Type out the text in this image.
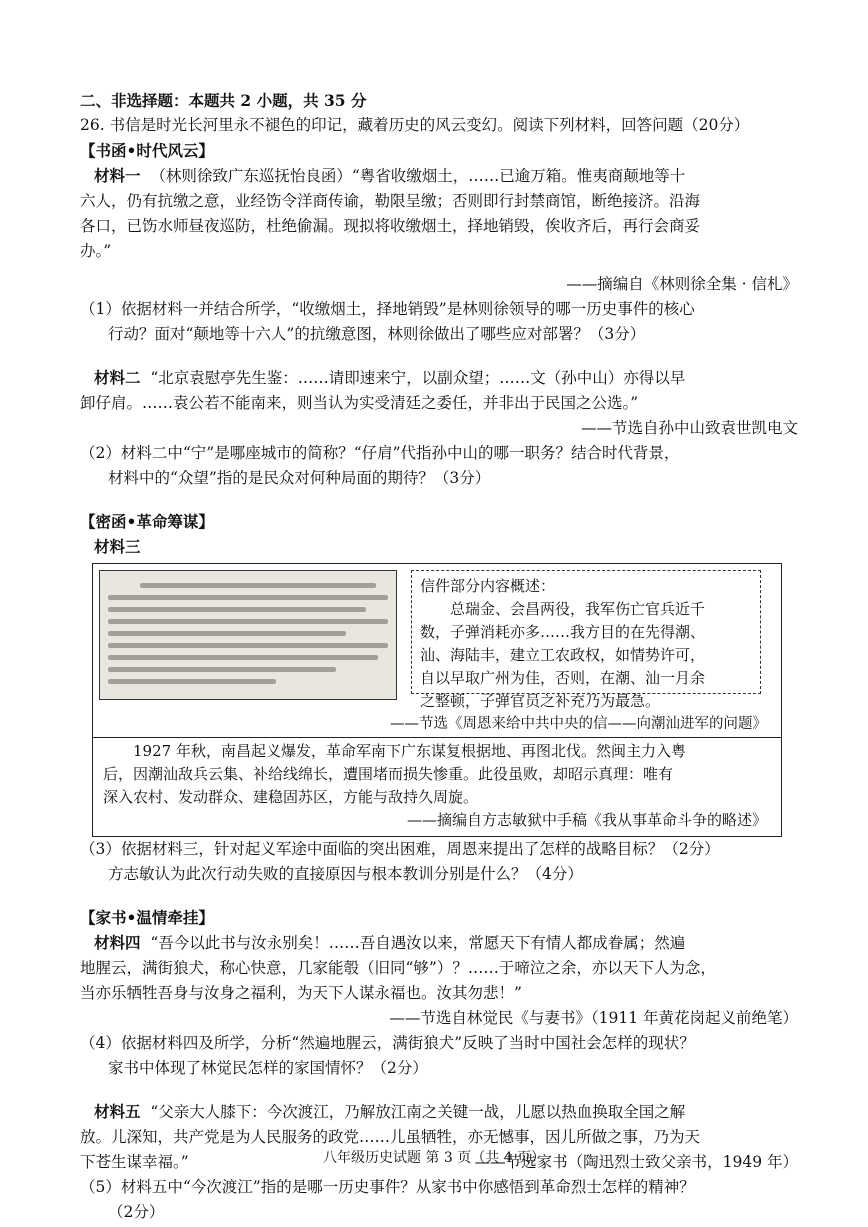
二、非选择题：本题共 2 小题，共 35 分
26. 书信是时光长河里永不褪色的印记，藏着历史的风云变幻。阅读下列材料，回答问题（20分）
【书函•时代风云】
材料一 （林则徐致广东巡抚怡良函）“粤省收缴烟土，……已逾万箱。惟夷商颠地等十
六人，仍有抗缴之意，业经饬令洋商传谕，勒限呈缴；否则即行封禁商馆，断绝接济。沿海
各口，已饬水师昼夜巡防，杜绝偷漏。现拟将收缴烟土，择地销毁，俟收齐后，再行会商妥
办。”
——摘编自《林则徐全集 · 信札》
（1）依据材料一并结合所学，“收缴烟土，择地销毁”是林则徐领导的哪一历史事件的核心
行动？面对“颠地等十六人”的抗缴意图，林则徐做出了哪些应对部署？（3分）
材料二 “北京袁慰亭先生鉴：……请即速来宁，以副众望；……文（孙中山）亦得以早
卸仔肩。……袁公若不能南来，则当认为实受清廷之委任，并非出于民国之公选。”
——节选自孙中山致袁世凯电文
（2）材料二中“宁”是哪座城市的简称？“仔肩”代指孙中山的哪一职务？结合时代背景，
材料中的“众望”指的是民众对何种局面的期待？（3分）
【密函•革命筹谋】
材料三
信件部分内容概述：
总瑞金、会昌两役，我军伤亡官兵近千
数，子弹消耗亦多……我方目的在先得潮、
汕、海陆丰，建立工农政权，如情势许可，
自以早取广州为佳，否则，在潮、汕一月余
之整顿，子弹官员之补充乃为最急。
——节选《周恩来给中共中央的信——向潮汕进军的问题》
1927 年秋，南昌起义爆发，革命军南下广东谋复根据地、再图北伐。然闽主力入粤
后，因潮汕敌兵云集、补给线绵长，遭围堵而损失惨重。此役虽败，却昭示真理：唯有
深入农村、发动群众、建稳固苏区，方能与敌持久周旋。
——摘编自方志敏狱中手稿《我从事革命斗争的略述》
（3）依据材料三，针对起义军途中面临的突出困难，周恩来提出了怎样的战略目标？（2分）
方志敏认为此次行动失败的直接原因与根本教训分别是什么？（4分）
【家书•温情牵挂】
材料四 “吾今以此书与汝永别矣！……吾自遇汝以来，常愿天下有情人都成眷属；然遍
地腥云，满街狼犬，称心快意，几家能彀（旧同“够”）？……于啼泣之余，亦以天下人为念，
当亦乐牺牲吾身与汝身之福利，为天下人谋永福也。汝其勿悲！”
——节选自林觉民《与妻书》（1911 年黄花岗起义前绝笔）
（4）依据材料四及所学，分析“然遍地腥云，满街狼犬”反映了当时中国社会怎样的现状？
家书中体现了林觉民怎样的家国情怀？（2分）
材料五 “父亲大人膝下：今次渡江，乃解放江南之关键一战，儿愿以热血换取全国之解
放。儿深知，共产党是为人民服务的政党……儿虽牺牲，亦无憾事，因儿所做之事，乃为天
下苍生谋幸福。”	——节选家书（陶迅烈士致父亲书，1949 年）
（5）材料五中“今次渡江”指的是哪一历史事件？从家书中你感悟到革命烈士怎样的精神？
（2分）
八年级历史试题 第 3 页（共 4 页）
